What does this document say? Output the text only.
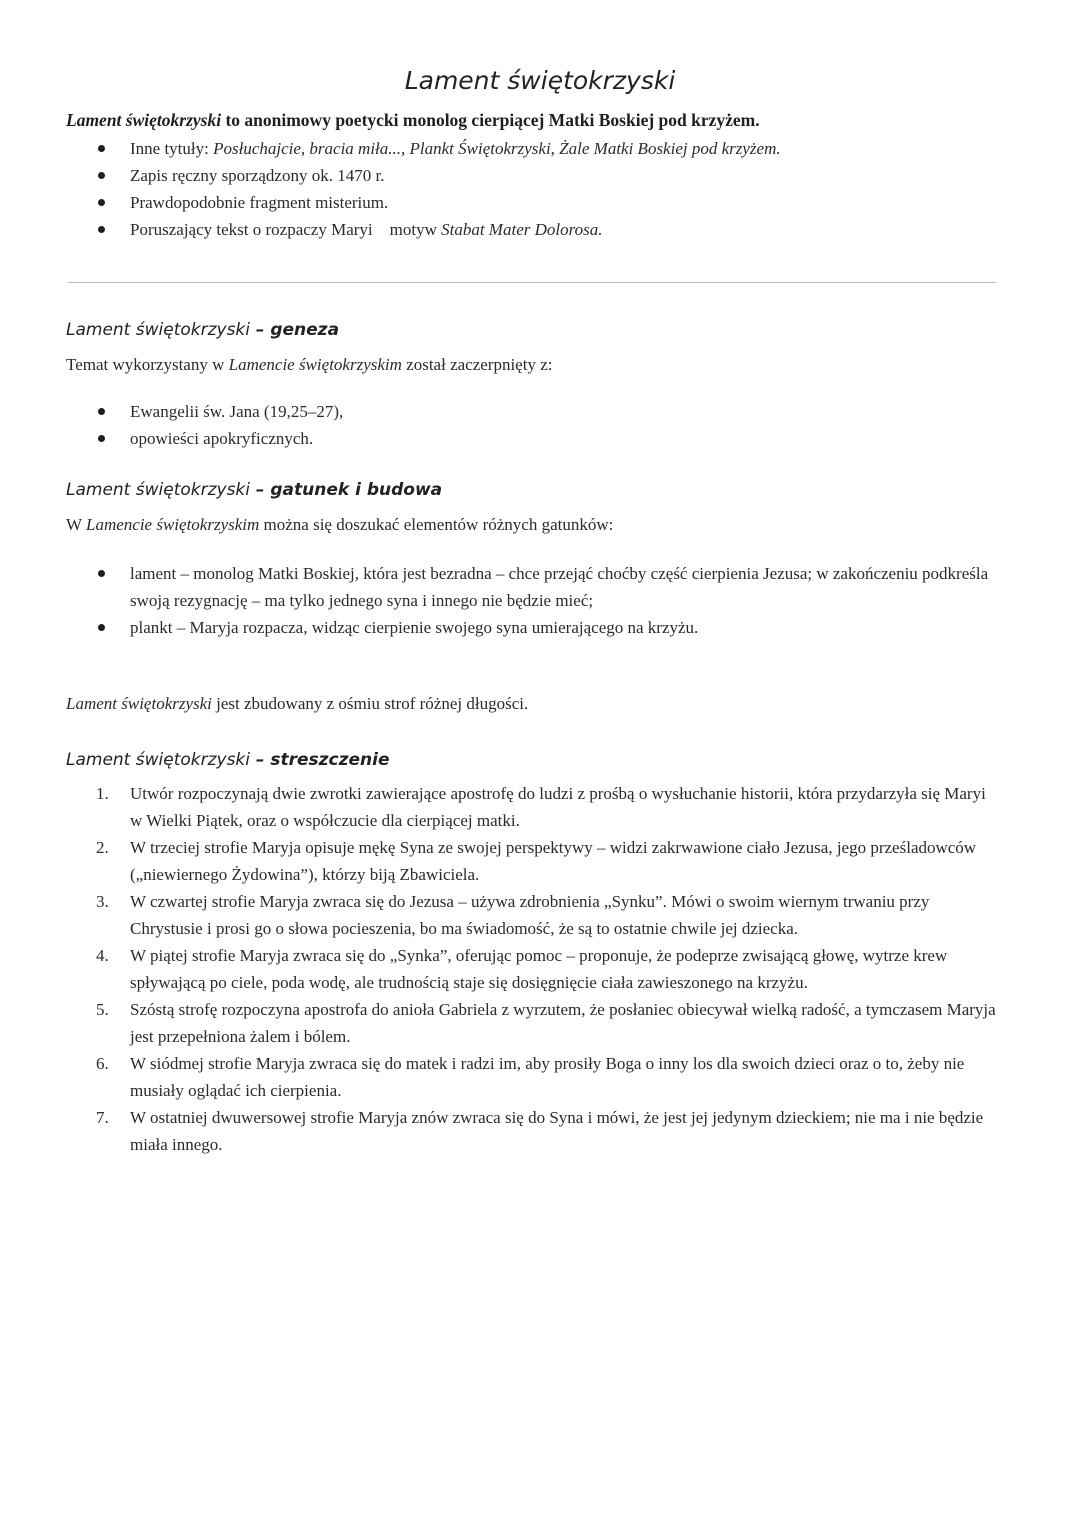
Lament świętokrzyski
Lament świętokrzyski to anonimowy poetycki monolog cierpiącej Matki Boskiej pod krzyżem.
Inne tytuły: Posłuchajcie, bracia miła..., Plankt Świętokrzyski, Żale Matki Boskiej pod krzyżem.
Zapis ręczny sporządzony ok. 1470 r.
Prawdopodobnie fragment misterium.
Poruszający tekst o rozpaczy Maryi    motyw Stabat Mater Dolorosa.
Lament świętokrzyski – geneza
Temat wykorzystany w Lamencie świętokrzyskim został zaczerpnięty z:
Ewangelii św. Jana (19,25–27),
opowieści apokryficznych.
Lament świętokrzyski – gatunek i budowa
W Lamencie świętokrzyskim można się doszukać elementów różnych gatunków:
lament – monolog Matki Boskiej, która jest bezradna – chce przejąć choćby część cierpienia Jezusa; w zakończeniu podkreśla swoją rezygnację – ma tylko jednego syna i innego nie będzie mieć;
plankt – Maryja rozpacza, widząc cierpienie swojego syna umierającego na krzyżu.
Lament świętokrzyski jest zbudowany z ośmiu strof różnej długości.
Lament świętokrzyski – streszczenie
1.	Utwór rozpoczynają dwie zwrotki zawierające apostrofę do ludzi z prośbą o wysłuchanie historii, która przydarzyła się Maryi w Wielki Piątek, oraz o współczucie dla cierpiącej matki.
2.	W trzeciej strofie Maryja opisuje mękę Syna ze swojej perspektywy – widzi zakrwawione ciało Jezusa, jego prześladowców („niewiernego Żydowina”), którzy biją Zbawiciela.
3.	W czwartej strofie Maryja zwraca się do Jezusa – używa zdrobnienia „Synku”. Mówi o swoim wiernym trwaniu przy Chrystusie i prosi go o słowa pocieszenia, bo ma świadomość, że są to ostatnie chwile jej dziecka.
4.	W piątej strofie Maryja zwraca się do „Synka”, oferując pomoc – proponuje, że podeprze zwisającą głowę, wytrze krew spływającą po ciele, poda wodę, ale trudnością staje się dosięgnięcie ciała zawieszonego na krzyżu.
5.	Szóstą strofę rozpoczyna apostrofa do anioła Gabriela z wyrzutem, że posłaniec obiecywał wielką radość, a tymczasem Maryja jest przepełniona żalem i bólem.
6.	W siódmej strofie Maryja zwraca się do matek i radzi im, aby prosiły Boga o inny los dla swoich dzieci oraz o to, żeby nie musiały oglądać ich cierpienia.
7.	W ostatniej dwuwersowej strofie Maryja znów zwraca się do Syna i mówi, że jest jej jedynym dzieckiem; nie ma i nie będzie miała innego.
